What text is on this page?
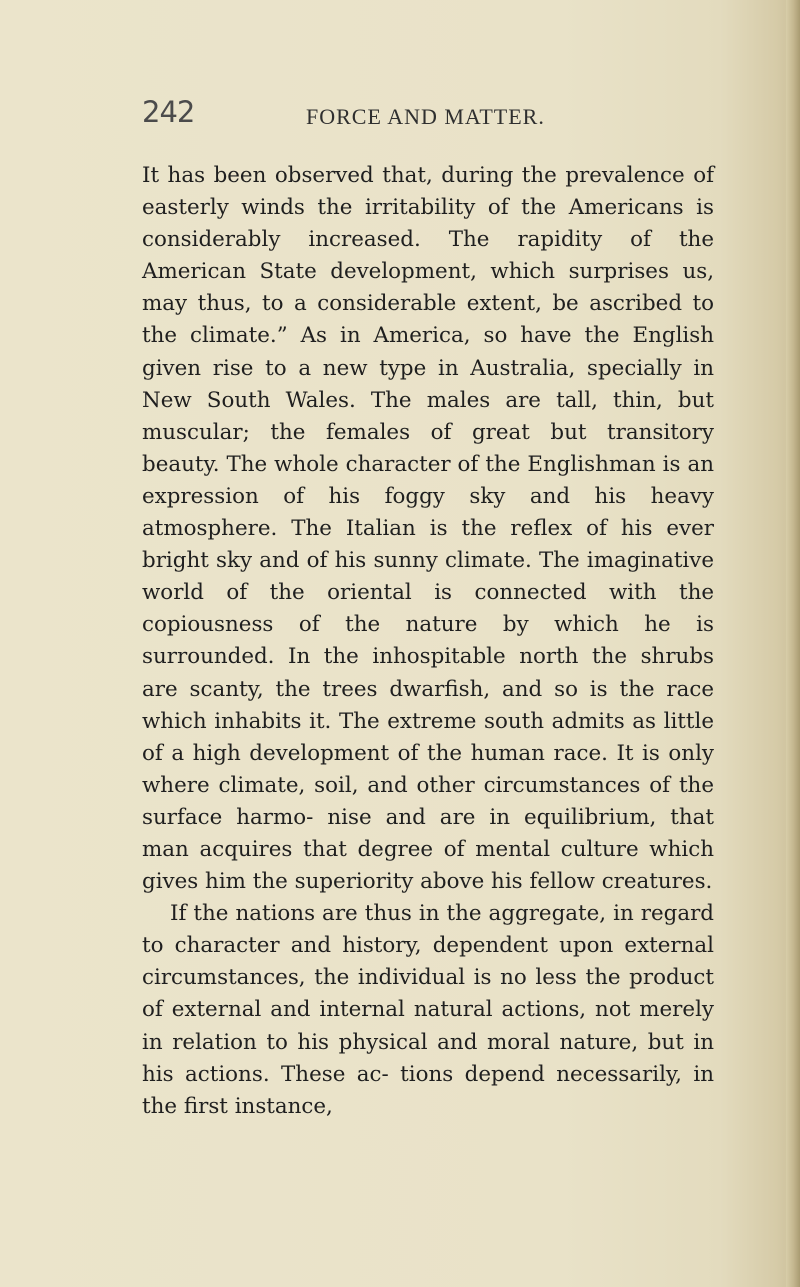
242	FORCE AND MATTER.

It has been observed that, during the prevalence of easterly winds the irritability of the Americans is considerably increased. The rapidity of the American State development, which surprises us, may thus, to a considerable extent, be ascribed to the climate.” As in America, so have the English given rise to a new type in Australia, specially in New South Wales. The males are tall, thin, but muscular; the females of great but transitory beauty. The whole character of the Englishman is an expression of his foggy sky and his heavy atmosphere. The Italian is the reflex of his ever bright sky and of his sunny climate. The imaginative world of the oriental is connected with the copiousness of the nature by which he is surrounded. In the inhospitable north the shrubs are scanty, the trees dwarfish, and so is the race which inhabits it. The extreme south admits as little of a high development of the human race. It is only where climate, soil, and other circumstances of the surface harmo- nise and are in equilibrium, that man acquires that degree of mental culture which gives him the superiority above his fellow creatures.

If the nations are thus in the aggregate, in regard to character and history, dependent upon external circumstances, the individual is no less the product of external and internal natural actions, not merely in relation to his physical and moral nature, but in his actions. These ac- tions depend necessarily, in the first instance,
